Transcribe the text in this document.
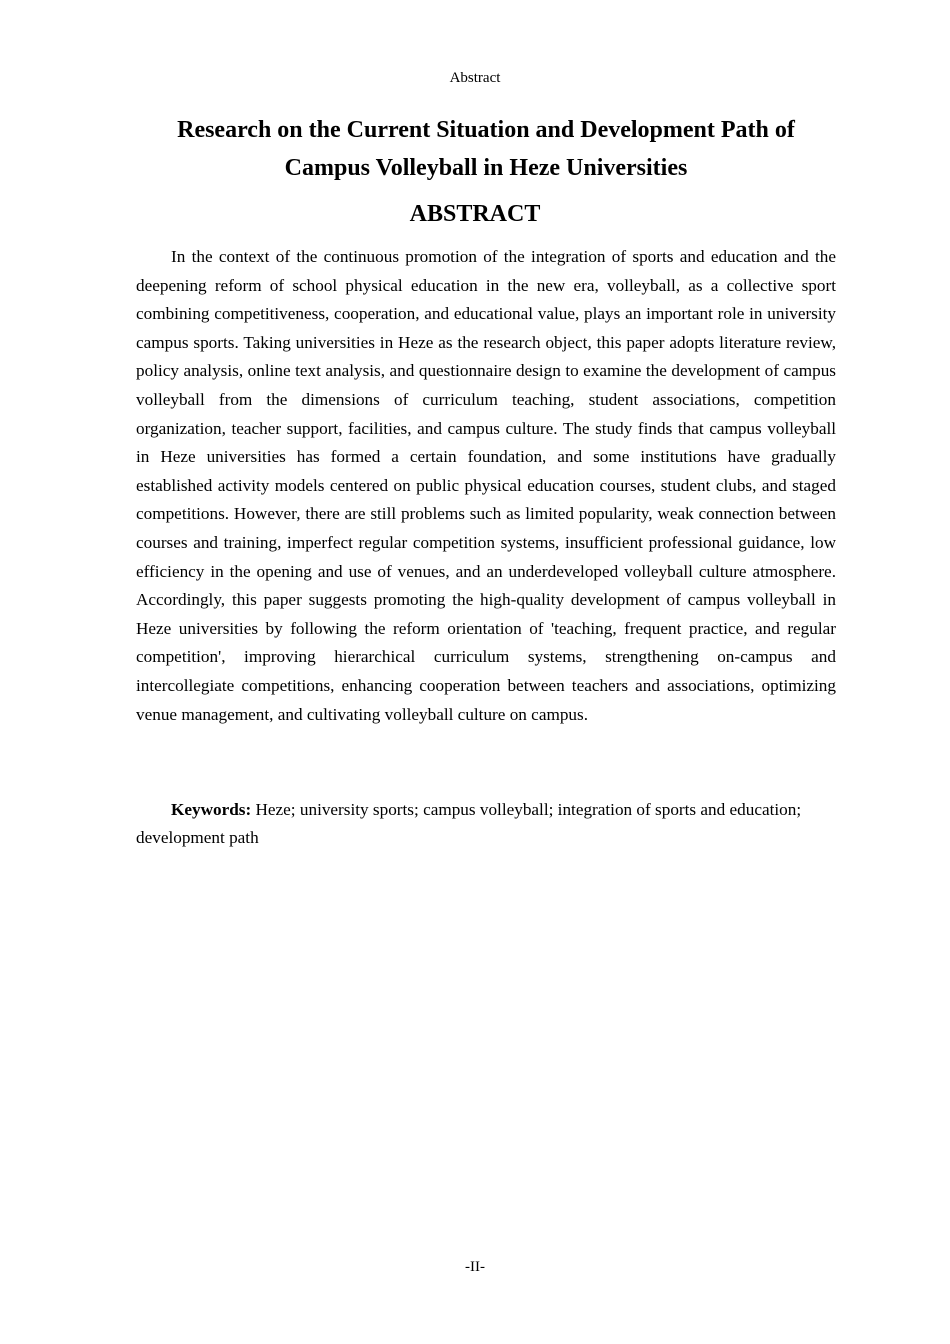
Abstract
Research on the Current Situation and Development Path of Campus Volleyball in Heze Universities
ABSTRACT

In the context of the continuous promotion of the integration of sports and education and the deepening reform of school physical education in the new era, volleyball, as a collective sport combining competitiveness, cooperation, and educational value, plays an important role in university campus sports. Taking universities in Heze as the research object, this paper adopts literature review, policy analysis, online text analysis, and questionnaire design to examine the development of campus volleyball from the dimensions of curriculum teaching, student associations, competition organization, teacher support, facilities, and campus culture. The study finds that campus volleyball in Heze universities has formed a certain foundation, and some institutions have gradually established activity models centered on public physical education courses, student clubs, and staged competitions. However, there are still problems such as limited popularity, weak connection between courses and training, imperfect regular competition systems, insufficient professional guidance, low efficiency in the opening and use of venues, and an underdeveloped volleyball culture atmosphere. Accordingly, this paper suggests promoting the high-quality development of campus volleyball in Heze universities by following the reform orientation of 'teaching, frequent practice, and regular competition', improving hierarchical curriculum systems, strengthening on-campus and intercollegiate competitions, enhancing cooperation between teachers and associations, optimizing venue management, and cultivating volleyball culture on campus.

Keywords: Heze; university sports; campus volleyball; integration of sports and education; development path

-II-
